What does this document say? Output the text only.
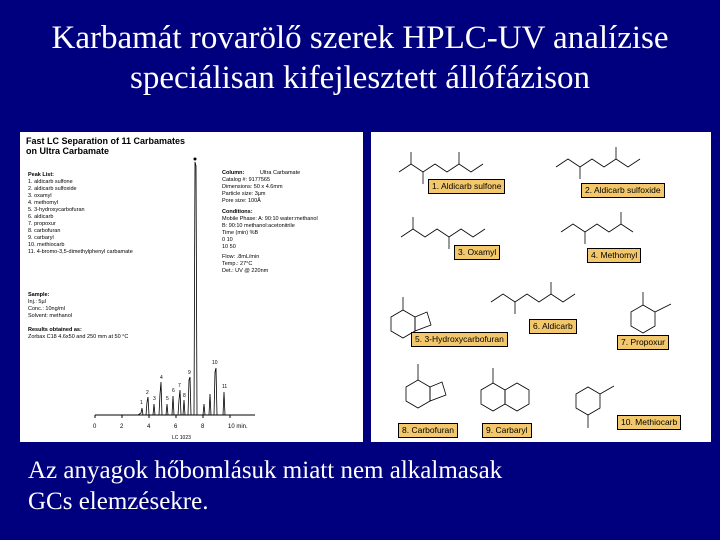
Karbamát rovarölő szerek HPLC-UV analízise
speciálisan kifejlesztett állófázison
Fast LC Separation of 11 Carbamates
on Ultra Carbamate
Peak List:
1. aldicarb sulfone
2. aldicarb sulfoxide
3. oxamyl
4. methomyl
5. 3-hydroxycarbofuran
6. aldicarb
7. propoxur
8. carbofuran
9. carbaryl
10. methiocarb
11. 4-bromo-3,5-dimethylphenyl carbamate
Sample:
Inj.: 5µl
Conc.: 10ng/ml
Solvent: methanol
Results obtained as:
Zorbax C18 4.6x50 and 250 mm at 50 °C
Column:	Ultra Carbamate
Catalog #: 9177565
Dimensions: 50 x 4.6mm
Particle size: 3µm
Pore size: 100Å
Conditions:
Mobile Phase: A: 90:10 water:methanol
B: 90:10 methanol:acetonitrile
Time (min) %B
0 10
10 50
Flow: .8mL/min
Temp.: 27°C
Det.: UV @ 220nm
0	2	4	6	8	10 min.
LC 1023
1
2
3
4
5
6
7
8
9
10
11
1. Aldicarb sulfone	2. Aldicarb sulfoxide
3. Oxamyl	4. Methomyl
5. 3-Hydroxycarbofuran
6. Aldicarb
7. Propoxur
8. Carbofuran	9. Carbaryl
10. Methiocarb
Az anyagok hőbomlásuk miatt nem alkalmasak
GCs elemzésekre.
